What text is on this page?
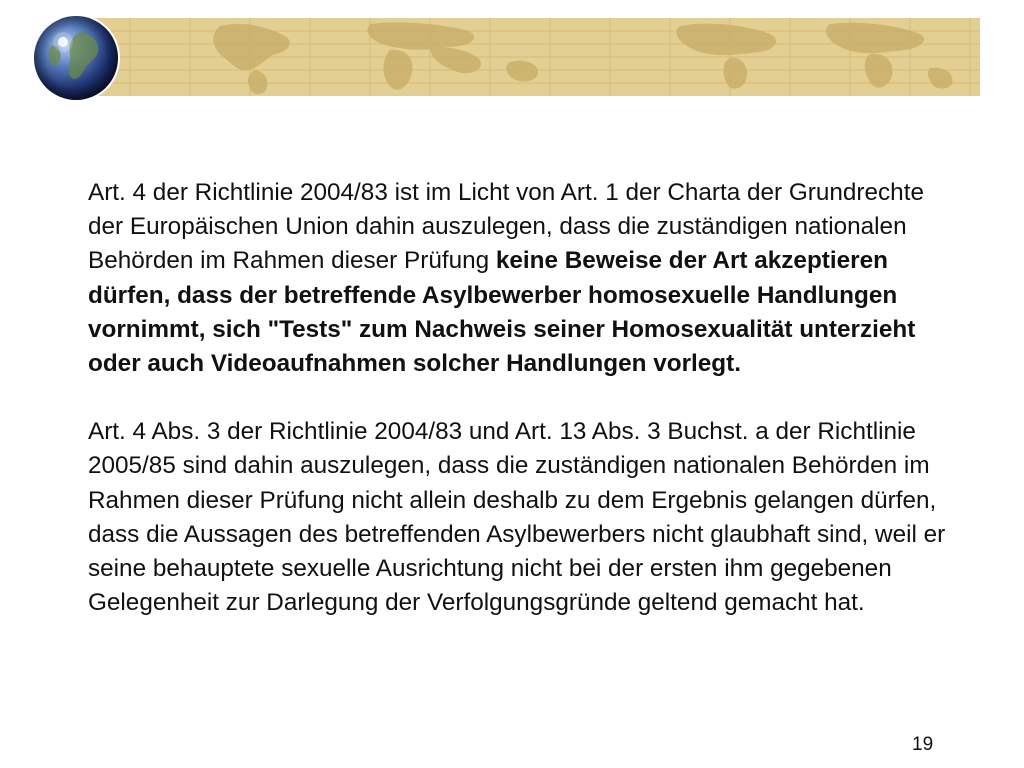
Art. 4 der Richtlinie 2004/83 ist im Licht von Art. 1 der Charta der Grundrechte der Europäischen Union dahin auszulegen, dass die zuständigen nationalen Behörden im Rahmen dieser Prüfung keine Beweise der Art akzeptieren dürfen, dass der betreffende Asylbewerber homosexuelle Handlungen vornimmt, sich "Tests" zum Nachweis seiner Homosexualität unterzieht oder auch Videoaufnahmen solcher Handlungen vorlegt.

Art. 4 Abs. 3 der Richtlinie 2004/83 und Art. 13 Abs. 3 Buchst. a der Richtlinie 2005/85 sind dahin auszulegen, dass die zuständigen nationalen Behörden im Rahmen dieser Prüfung nicht allein deshalb zu dem Ergebnis gelangen dürfen, dass die Aussagen des betreffenden Asylbewerbers nicht glaubhaft sind, weil er seine behauptete sexuelle Ausrichtung nicht bei der ersten ihm gegebenen Gelegenheit zur Darlegung der Verfolgungsgründe geltend gemacht hat.

19
